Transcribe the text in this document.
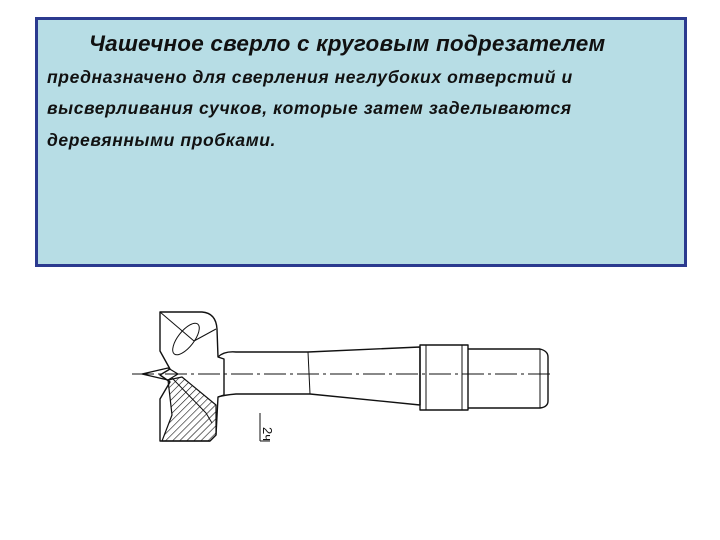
Чашечное сверло с круговым подрезателем предназначено для сверления неглубоких отверстий и высверливания сучков, которые затем заделываются деревянными пробками.

2ч
